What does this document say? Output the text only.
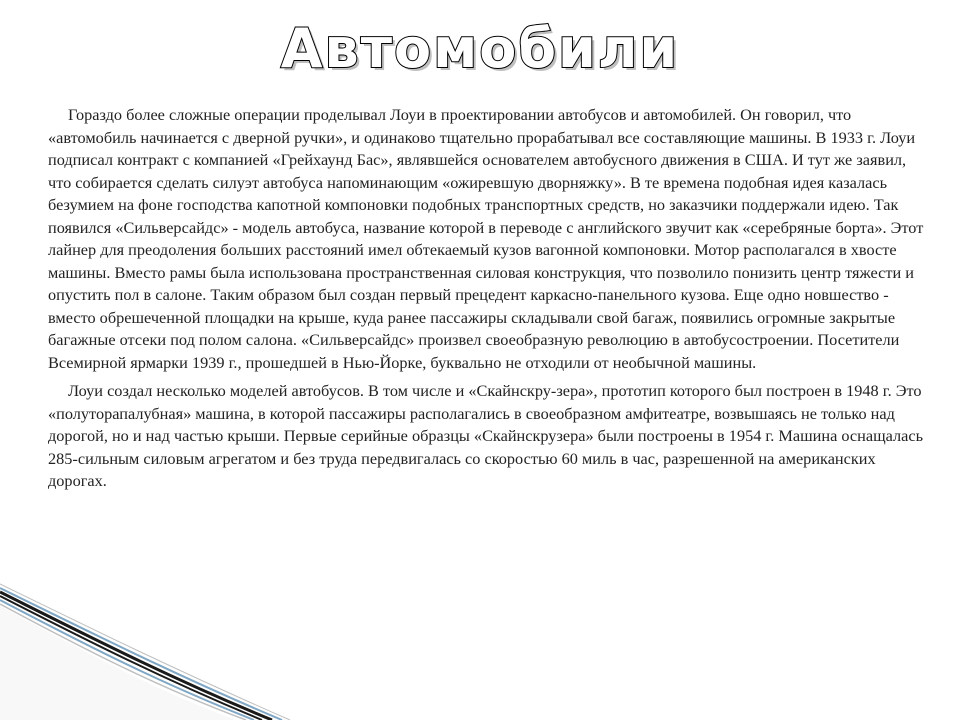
Автомобили

Гораздо более сложные операции проделывал Лоуи в проектировании автобусов и автомобилей. Он говорил, что «автомобиль начинается с дверной ручки», и одинаково тщательно прорабатывал все составляющие машины. В 1933 г. Лоуи подписал контракт с компанией «Грейхаунд Бас», являвшейся основателем автобусного движения в США. И тут же заявил, что собирается сделать силуэт автобуса напоминающим «ожиревшую дворняжку». В те времена подобная идея казалась безумием на фоне господства капотной компоновки подобных транспортных средств, но заказчики поддержали идею. Так появился «Сильверсайдс» - модель автобуса, название которой в переводе с английского звучит как «серебряные борта». Этот лайнер для преодоления больших расстояний имел обтекаемый кузов вагонной компоновки. Мотор располагался в хвосте машины. Вместо рамы была использована пространственная силовая конструкция, что позволило понизить центр тяжести и опустить пол в салоне. Таким образом был создан первый прецедент каркасно-панельного кузова. Еще одно новшество - вместо обрешеченной площадки на крыше, куда ранее пассажиры складывали свой багаж, появились огромные закрытые багажные отсеки под полом салона. «Сильверсайдс» произвел своеобразную революцию в автобусостроении. Посетители Всемирной ярмарки 1939 г., прошедшей в Нью-Йорке, буквально не отходили от необычной машины.

Лоуи создал несколько моделей автобусов. В том числе и «Скайнскру-зера», прототип которого был построен в 1948 г. Это «полуторапалубная» машина, в которой пассажиры располагались в своеобразном амфитеатре, возвышаясь не только над дорогой, но и над частью крыши. Первые серийные образцы «Скайнскрузера» были построены в 1954 г. Машина оснащалась 285-сильным силовым агрегатом и без труда передвигалась со скоростью 60 миль в час, разрешенной на американских дорогах.
